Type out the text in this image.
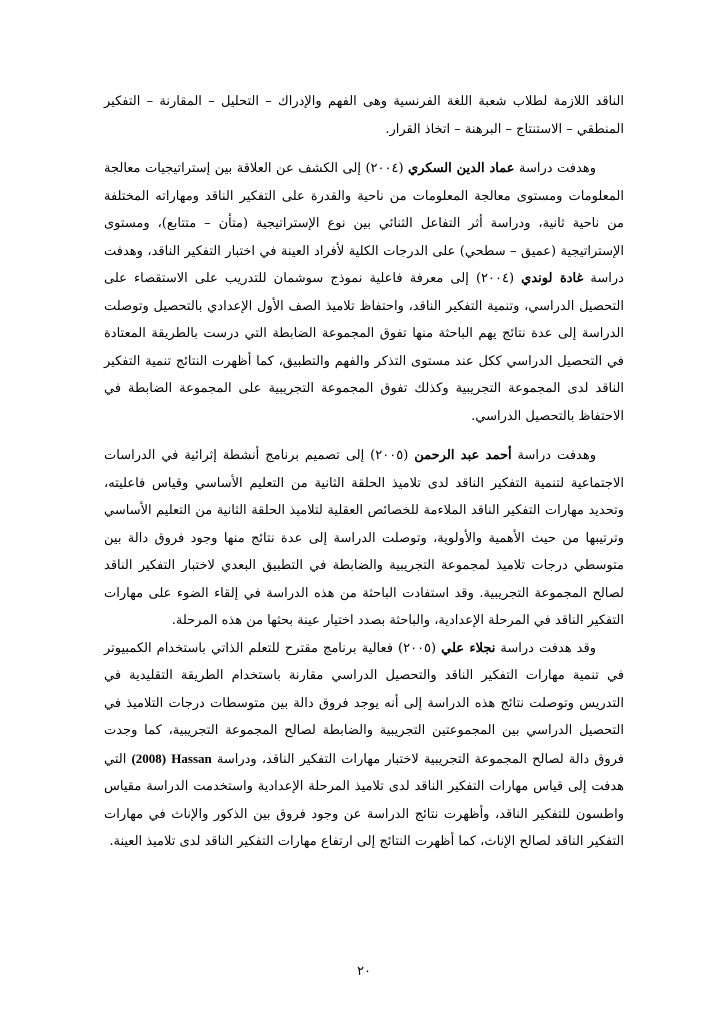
الناقد اللازمة لطلاب شعبة اللغة الفرنسية وهى الفهم والإدراك – التحليل – المقارنة – التفكير المنطقي – الاستنتاج – البرهنة – اتخاذ القرار.

وهدفت دراسة عماد الدين السكري (٢٠٠٤) إلى الكشف عن العلاقة بين إستراتيجيات معالجة المعلومات ومستوى معالجة المعلومات من ناحية والقدرة على التفكير الناقد ومهاراته المختلفة من ناحية ثانية، ودراسة أثر التفاعل الثنائي بين نوع الإستراتيجية (متأن – متتابع)، ومستوى الإستراتيجية (عميق – سطحي) على الدرجات الكلية لأفراد العينة في اختبار التفكير الناقد، وهدفت دراسة غادة لوندي (٢٠٠٤) إلى معرفة فاعلية نموذج سوشمان للتدريب على الاستقصاء على التحصيل الدراسي، وتنمية التفكير الناقد، واحتفاظ تلاميذ الصف الأول الإعدادي بالتحصيل وتوصلت الدراسة إلى عدة نتائج يهم الباحثة منها تفوق المجموعة الضابطة التي درست بالطريقة المعتادة في التحصيل الدراسي ككل عند مستوى التذكر والفهم والتطبيق، كما أظهرت النتائج تنمية التفكير الناقد لدى المجموعة التجريبية وكذلك تفوق المجموعة التجريبية على المجموعة الضابطة في الاحتفاظ بالتحصيل الدراسي.

وهدفت دراسة أحمد عبد الرحمن (٢٠٠٥) إلى تصميم برنامج أنشطة إثرائية في الدراسات الاجتماعية لتنمية التفكير الناقد لدى تلاميذ الحلقة الثانية من التعليم الأساسي وقياس فاعليته، وتحديد مهارات التفكير الناقد الملاءمة للخصائص العقلية لتلاميذ الحلقة الثانية من التعليم الأساسي وترتيبها من حيث الأهمية والأولوية، وتوصلت الدراسة إلى عدة نتائج منها وجود فروق دالة بين متوسطي درجات تلاميذ لمجموعة التجريبية والضابطة في التطبيق البعدي لاختبار التفكير الناقد لصالح المجموعة التجريبية. وقد استفادت الباحثة من هذه الدراسة في إلقاء الضوء على مهارات التفكير الناقد في المرحلة الإعدادية، والباحثة بصدد اختيار عينة بحثها من هذه المرحلة.

وقد هدفت دراسة نجلاء علي (٢٠٠٥) فعالية برنامج مقترح للتعلم الذاتي باستخدام الكمبيوتر في تنمية مهارات التفكير الناقد والتحصيل الدراسي مقارنة باستخدام الطريقة التقليدية في التدريس وتوصلت نتائج هذه الدراسة إلى أنه يوجد فروق دالة بين متوسطات درجات التلاميذ في التحصيل الدراسي بين المجموعتين التجريبية والضابطة لصالح المجموعة التجريبية، كما وجدت فروق دالة لصالح المجموعة التجريبية لاختبار مهارات التفكير الناقد، ودراسة Hassan (2008) التي هدفت إلى قياس مهارات التفكير الناقد لدى تلاميذ المرحلة الإعدادية واستخدمت الدراسة مقياس واطسون للتفكير الناقد، وأظهرت نتائج الدراسة عن وجود فروق بين الذكور والإناث في مهارات التفكير الناقد لصالح الإناث، كما أظهرت النتائج إلى ارتفاع مهارات التفكير الناقد لدى تلاميذ العينة.

٢٠
